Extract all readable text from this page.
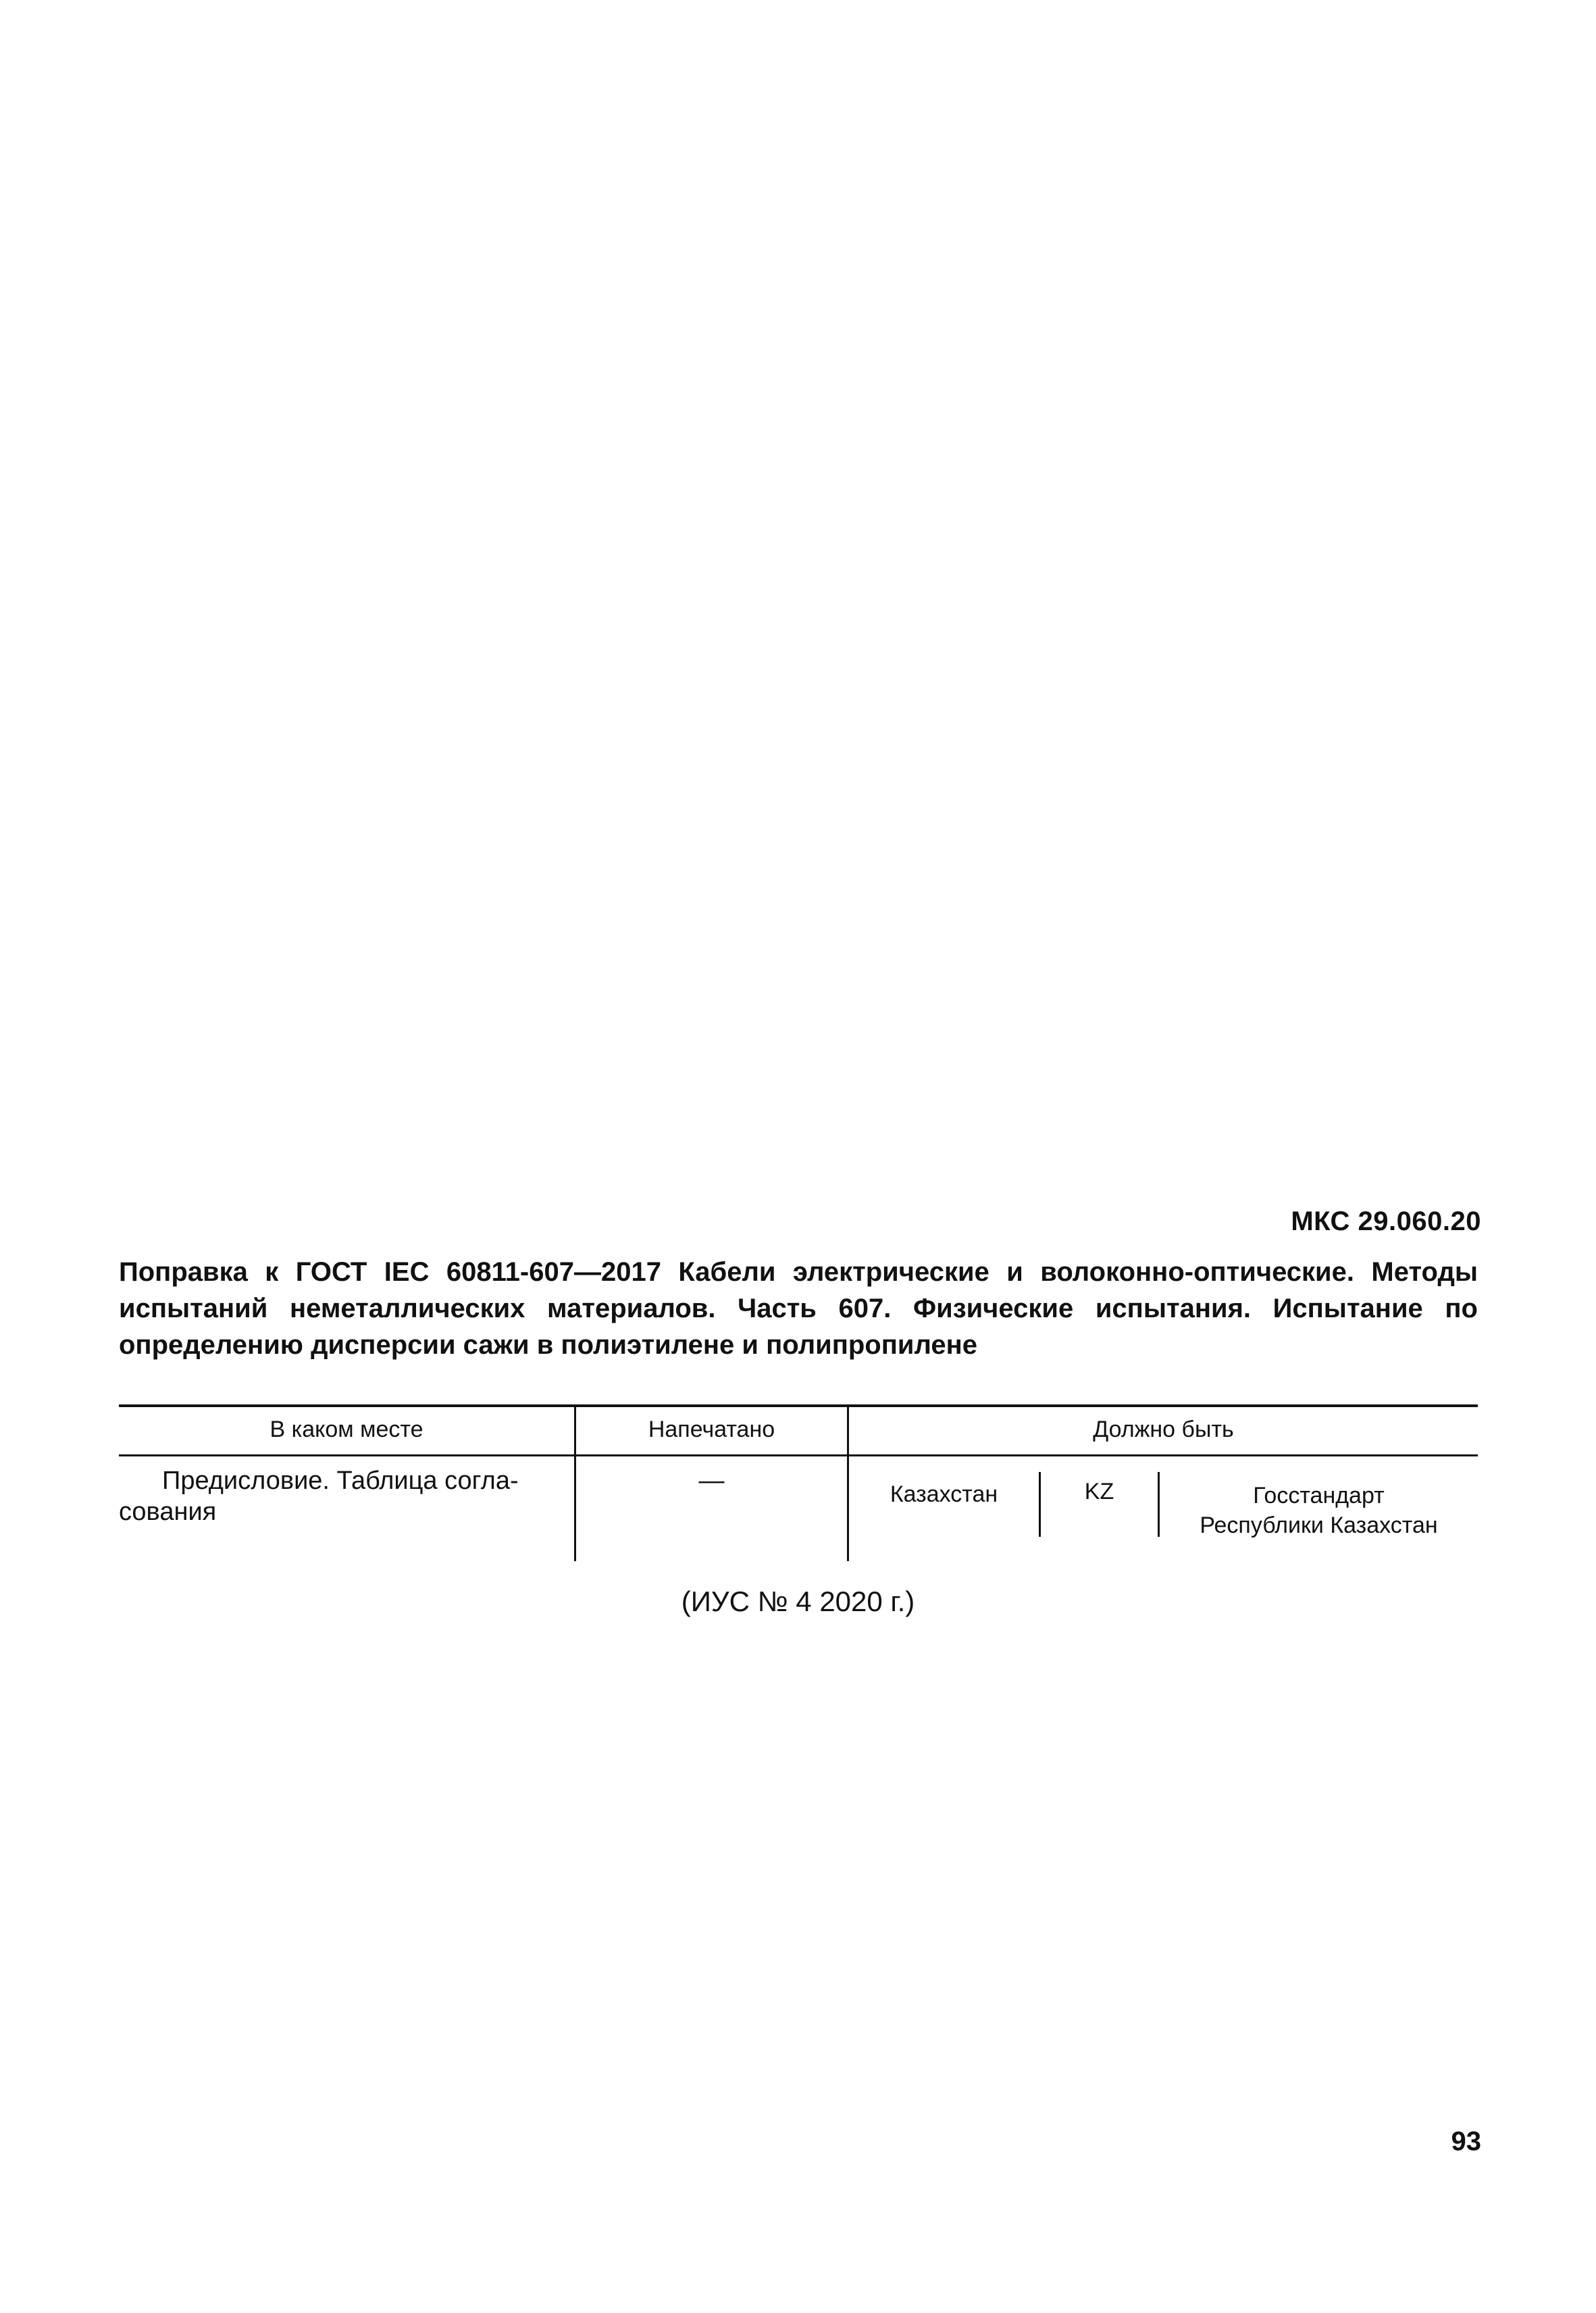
МКС 29.060.20
Поправка к ГОСТ IEC 60811-607—2017 Кабели электрические и волоконно-оптические. Методы испытаний неметаллических материалов. Часть 607. Физические испытания. Испытание по определению дисперсии сажи в полиэтилене и полипропилене
В каком месте	Напечатано	Должно быть
Предисловие. Таблица согла-
сования
—	Казахстан	KZ	Госстандарт
Республики Казахстан
(ИУС № 4 2020 г.)
93
